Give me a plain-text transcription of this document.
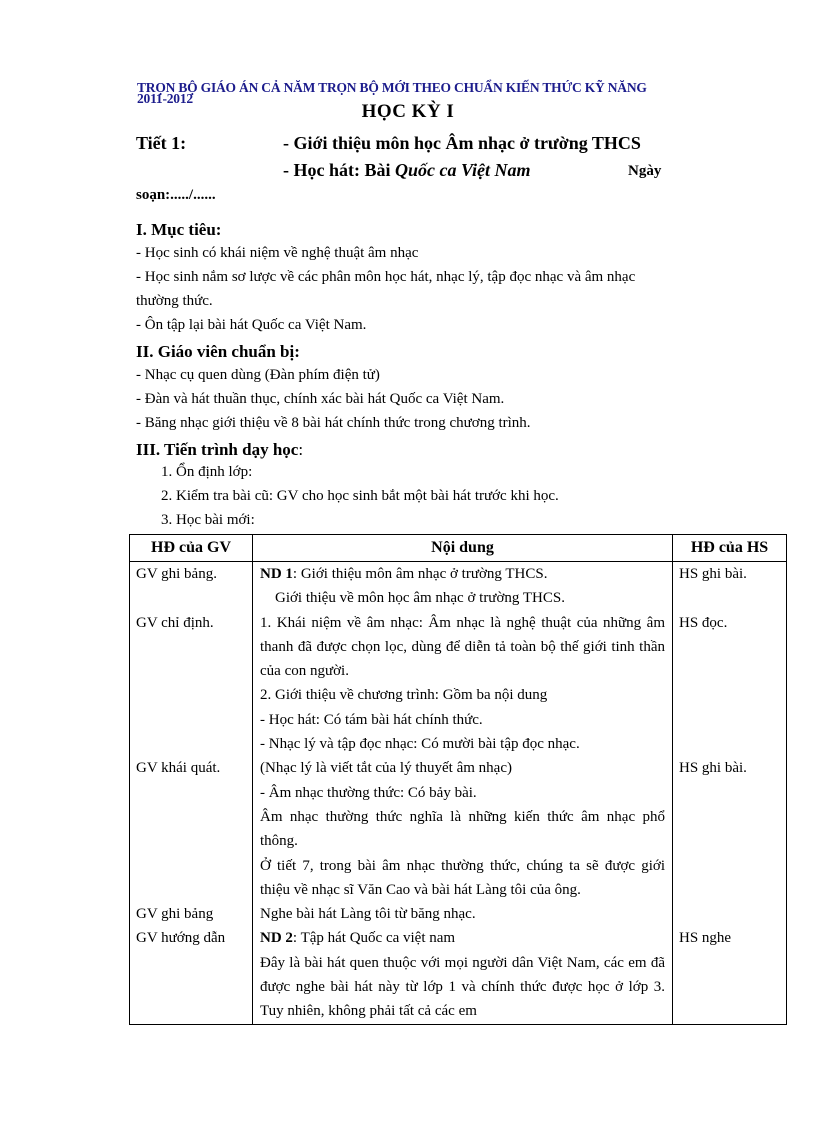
TRỌN BỘ GIÁO ÁN CẢ NĂM TRỌN BỘ MỚI THEO CHUẨN KIẾN THỨC KỸ NĂNG
2011-2012
HỌC KỲ I
Tiết 1:	- Giới thiệu môn học Âm nhạc ở trường THCS
- Học hát: Bài Quốc ca Việt Nam	Ngày
soạn:...../......
I. Mục tiêu:
- Học sinh có khái niệm về nghệ thuật âm nhạc
- Học sinh nắm sơ lược về các phân môn học hát, nhạc lý, tập đọc nhạc và âm nhạc
thường thức.
- Ôn tập lại bài hát Quốc ca Việt Nam.
II. Giáo viên chuẩn bị:
- Nhạc cụ quen dùng (Đàn phím điện tử)
- Đàn và hát thuần thục, chính xác bài hát Quốc ca Việt Nam.
- Băng nhạc giới thiệu về 8 bài hát chính thức trong chương trình.
III. Tiến trình dạy học:
1. Ổn định lớp:
2. Kiểm tra bài cũ: GV cho học sinh bắt một bài hát trước khi học.
3. Học bài mới:
HĐ của GV	Nội dung	HĐ của HS
GV ghi bảng.	ND 1: Giới thiệu môn âm nhạc ở trường THCS.

Giới thiệu về môn học âm nhạc ở trường THCS.	HS ghi bài.
GV chỉ định.	1. Khái niệm về âm nhạc: Âm nhạc là nghệ thuật của những âm thanh đã được chọn lọc, dùng để diễn tả toàn bộ thế giới tinh thần của con người.

2. Giới thiệu về chương trình: Gồm ba nội dung

- Học hát: Có tám bài hát chính thức.

- Nhạc lý và tập đọc nhạc: Có mười bài tập đọc nhạc.	HS đọc.
GV khái quát.	(Nhạc lý là viết tắt của lý thuyết âm nhạc)

- Âm nhạc thường thức: Có bảy bài.

Âm nhạc thường thức nghĩa là những kiến thức âm nhạc phổ thông.

Ở tiết 7, trong bài âm nhạc thường thức, chúng ta sẽ được giới thiệu về nhạc sĩ Văn Cao và bài hát Làng tôi của ông.	HS ghi bài.
GV ghi bảng	Nghe bài hát Làng tôi từ băng nhạc.	

GV hướng dẫn	ND 2: Tập hát Quốc ca việt nam

Đây là bài hát quen thuộc với mọi người dân Việt Nam, các em đã được nghe bài hát này từ lớp 1 và chính thức được học ở lớp 3. Tuy nhiên, không phải tất cả các em	HS nghe
